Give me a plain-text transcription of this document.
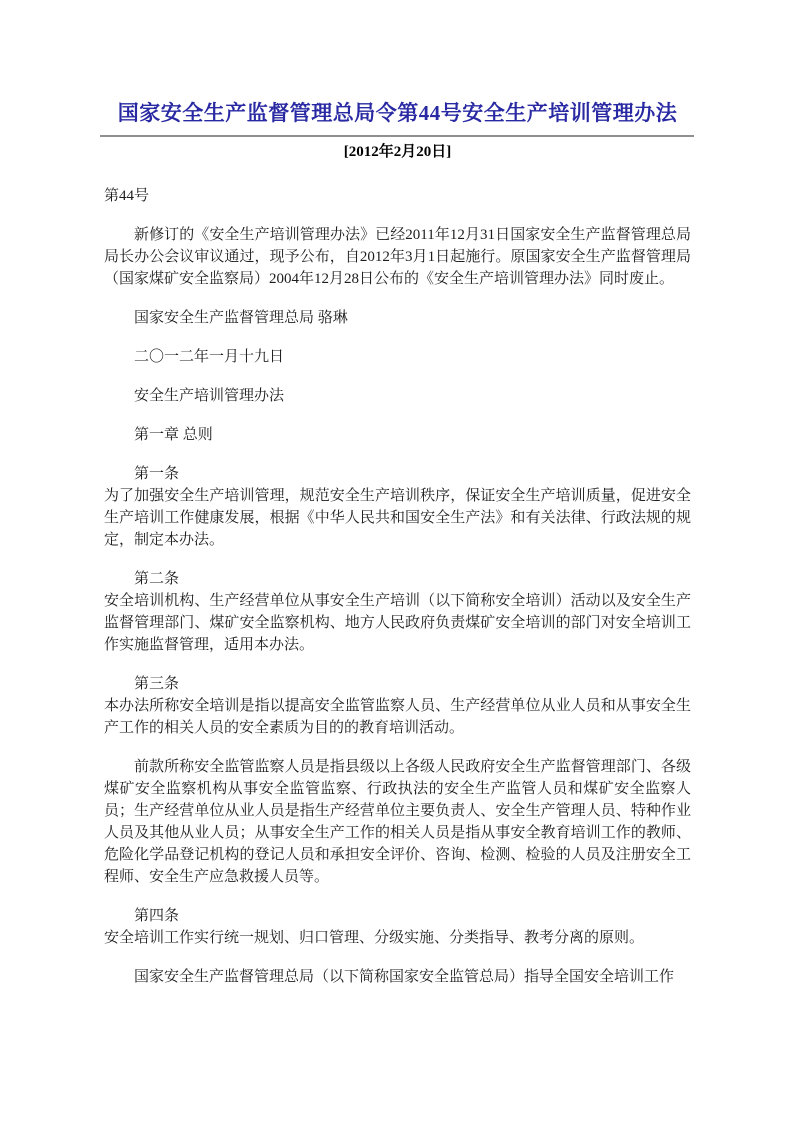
国家安全生产监督管理总局令第44号安全生产培训管理办法
[2012年2月20日]
第44号
新修订的《安全生产培训管理办法》已经2011年12月31日国家安全生产监督管理总局局长办公会议审议通过，现予公布，自2012年3月1日起施行。原国家安全生产监督管理局（国家煤矿安全监察局）2004年12月28日公布的《安全生产培训管理办法》同时废止。
国家安全生产监督管理总局 骆琳
二〇一二年一月十九日
安全生产培训管理办法
第一章 总则
第一条
为了加强安全生产培训管理，规范安全生产培训秩序，保证安全生产培训质量，促进安全生产培训工作健康发展，根据《中华人民共和国安全生产法》和有关法律、行政法规的规定，制定本办法。
第二条
安全培训机构、生产经营单位从事安全生产培训（以下简称安全培训）活动以及安全生产监督管理部门、煤矿安全监察机构、地方人民政府负责煤矿安全培训的部门对安全培训工作实施监督管理，适用本办法。
第三条
本办法所称安全培训是指以提高安全监管监察人员、生产经营单位从业人员和从事安全生产工作的相关人员的安全素质为目的的教育培训活动。
前款所称安全监管监察人员是指县级以上各级人民政府安全生产监督管理部门、各级煤矿安全监察机构从事安全监管监察、行政执法的安全生产监管人员和煤矿安全监察人员；生产经营单位从业人员是指生产经营单位主要负责人、安全生产管理人员、特种作业人员及其他从业人员；从事安全生产工作的相关人员是指从事安全教育培训工作的教师、危险化学品登记机构的登记人员和承担安全评价、咨询、检测、检验的人员及注册安全工程师、安全生产应急救援人员等。
第四条
安全培训工作实行统一规划、归口管理、分级实施、分类指导、教考分离的原则。
国家安全生产监督管理总局（以下简称国家安全监管总局）指导全国安全培训工作
